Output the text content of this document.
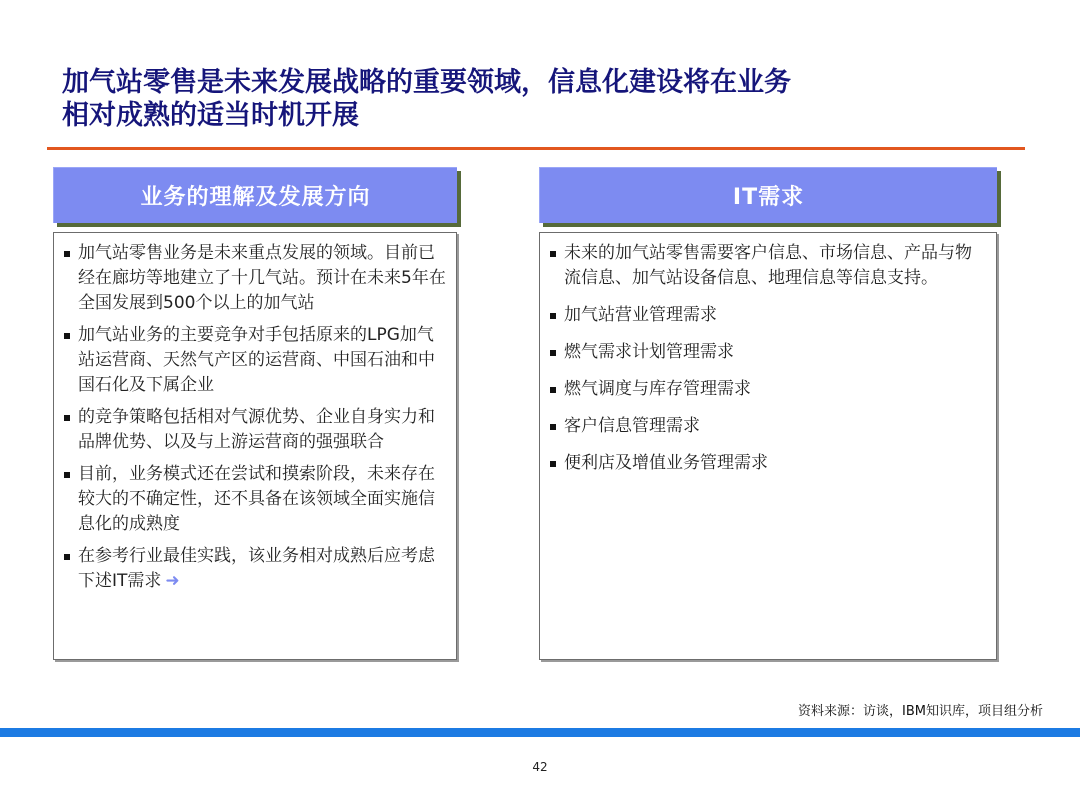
加气站零售是未来发展战略的重要领域，信息化建设将在业务
相对成熟的适当时机开展
业务的理解及发展方向	IT需求
加气站零售业务是未来重点发展的领域。目前已经在廊坊等地建立了十几气站。预计在未来5年在全国发展到500个以上的加气站
加气站业务的主要竞争对手包括原来的LPG加气站运营商、天然气产区的运营商、中国石油和中国石化及下属企业
的竞争策略包括相对气源优势、企业自身实力和品牌优势、以及与上游运营商的强强联合
目前，业务模式还在尝试和摸索阶段，未来存在较大的不确定性，还不具备在该领域全面实施信息化的成熟度
在参考行业最佳实践，该业务相对成熟后应考虑下述IT需求 ➜
未来的加气站零售需要客户信息、市场信息、产品与物流信息、加气站设备信息、地理信息等信息支持。
加气站营业管理需求
燃气需求计划管理需求
燃气调度与库存管理需求
客户信息管理需求
便利店及增值业务管理需求
资料来源：访谈，IBM知识库，项目组分析
42
